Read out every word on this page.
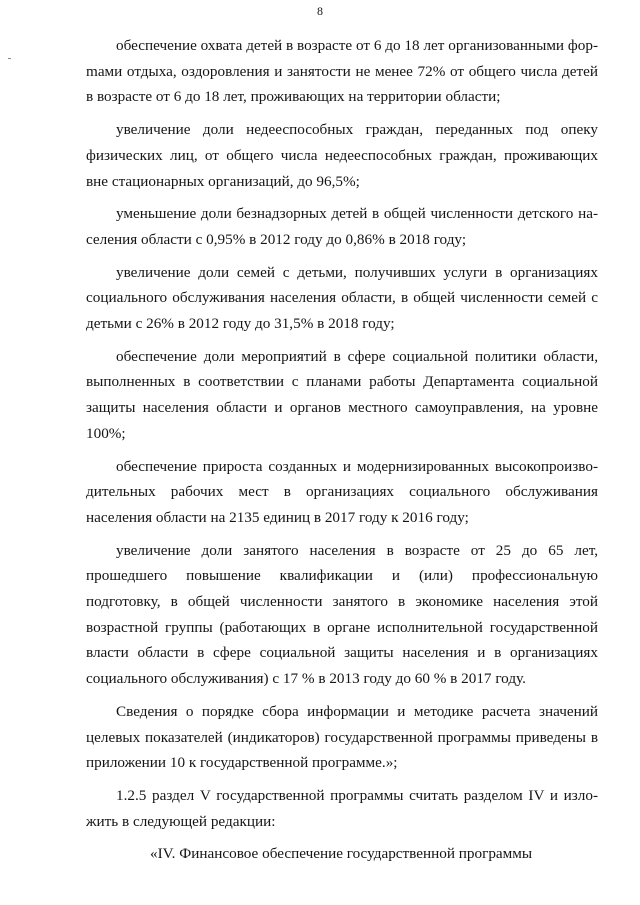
8

обеспечение охвата детей в возрасте от 6 до 18 лет организованными форmами отдыха, оздоровления и занятости не менее 72% от общего числа детей в возрасте от 6 до 18 лет, проживающих на территории области;

увеличение доли недееспособных граждан, переданных под опеку физических лиц, от общего числа недееспособных граждан, проживающих вне стационарных организаций, до 96,5%;

уменьшение доли безнадзорных детей в общей численности детского населения области с 0,95% в 2012 году до 0,86% в 2018 году;

увеличение доли семей с детьми, получивших услуги в организациях социального обслуживания населения области, в общей численности семей с детьми с 26% в 2012 году до 31,5% в 2018 году;

обеспечение доли мероприятий в сфере социальной политики области, выполненных в соответствии с планами работы Департамента социальной защиты населения области и органов местного самоуправления, на уровне 100%;

обеспечение прироста созданных и модернизированных высокопроизводительных рабочих мест в организациях социального обслуживания населения области на 2135 единиц в 2017 году к 2016 году;

увеличение доли занятого населения в возрасте от 25 до 65 лет, прошедшего повышение квалификации и (или) профессиональную подготовку, в общей численности занятого в экономике населения этой возрастной группы (работающих в органе исполнительной государственной власти области в сфере социальной защиты населения и в организациях социального обслуживания) с 17 % в 2013 году до 60 % в 2017 году.

Сведения о порядке сбора информации и методике расчета значений целевых показателей (индикаторов) государственной программы приведены в приложении 10 к государственной программе.»;

1.2.5 раздел V государственной программы считать разделом IV и изложить в следующей редакции:

«IV. Финансовое обеспечение государственной программы
